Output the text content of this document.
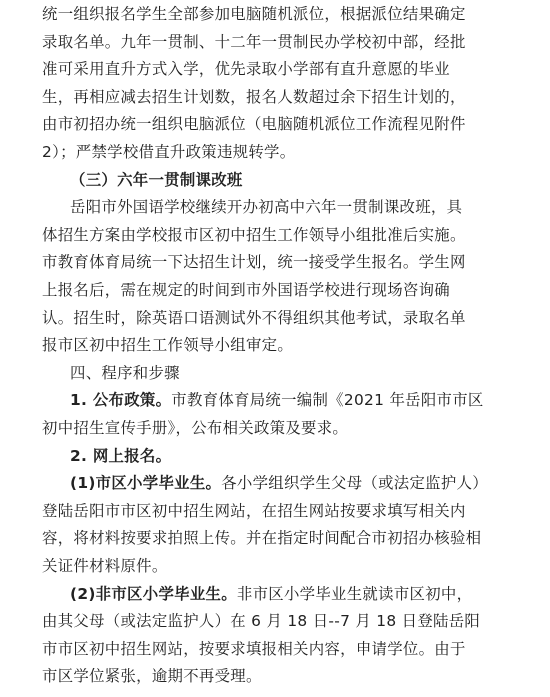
统一组织报名学生全部参加电脑随机派位，根据派位结果确定
录取名单。九年一贯制、十二年一贯制民办学校初中部，经批
准可采用直升方式入学，优先录取小学部有直升意愿的毕业
生，再相应减去招生计划数，报名人数超过余下招生计划的，
由市初招办统一组织电脑派位（电脑随机派位工作流程见附件
2）；严禁学校借直升政策违规转学。
（三）六年一贯制课改班
岳阳市外国语学校继续开办初高中六年一贯制课改班，具
体招生方案由学校报市区初中招生工作领导小组批准后实施。
市教育体育局统一下达招生计划，统一接受学生报名。学生网
上报名后，需在规定的时间到市外国语学校进行现场咨询确
认。招生时，除英语口语测试外不得组织其他考试，录取名单
报市区初中招生工作领导小组审定。
四、程序和步骤
1. 公布政策。市教育体育局统一编制《2021 年岳阳市市区
初中招生宣传手册》，公布相关政策及要求。
2. 网上报名。
(1)市区小学毕业生。各小学组织学生父母（或法定监护人）
登陆岳阳市市区初中招生网站，在招生网站按要求填写相关内
容，将材料按要求拍照上传。并在指定时间配合市初招办核验相
关证件材料原件。
(2)非市区小学毕业生。非市区小学毕业生就读市区初中，
由其父母（或法定监护人）在 6 月 18 日--7 月 18 日登陆岳阳
市市区初中招生网站，按要求填报相关内容，申请学位。由于
市区学位紧张，逾期不再受理。
